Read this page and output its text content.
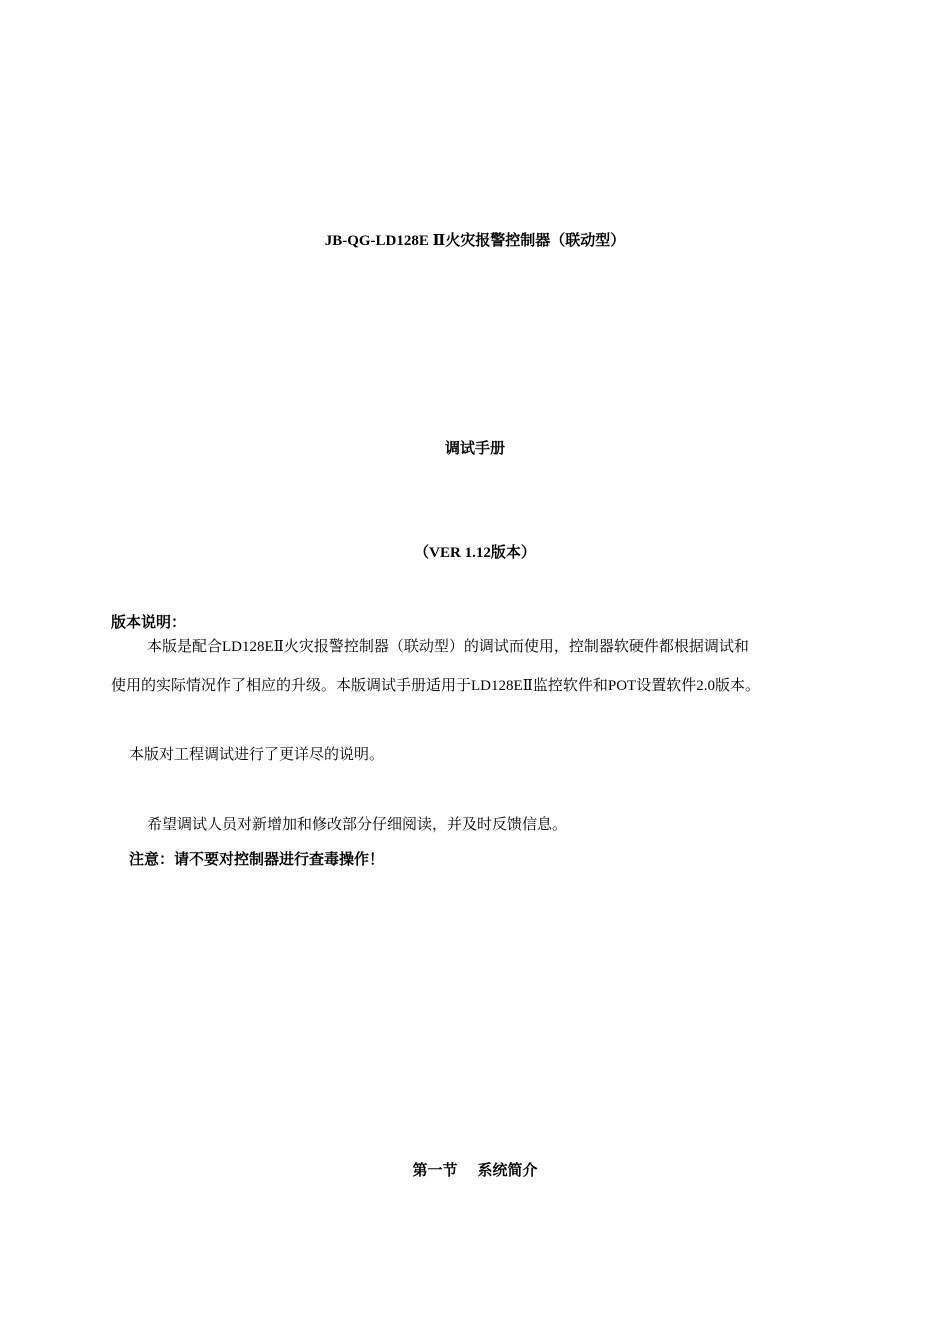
JB-QG-LD128E Ⅱ火灾报警控制器（联动型）
调试手册
（VER 1.12版本）
版本说明：
本版是配合LD128EⅡ火灾报警控制器（联动型）的调试而使用，控制器软硬件都根据调试和
使用的实际情况作了相应的升级。本版调试手册适用于LD128EⅡ监控软件和POT设置软件2.0版本。
本版对工程调试进行了更详尽的说明。
希望调试人员对新增加和修改部分仔细阅读，并及时反馈信息。
注意：请不要对控制器进行查毒操作！
第一节 系统简介
